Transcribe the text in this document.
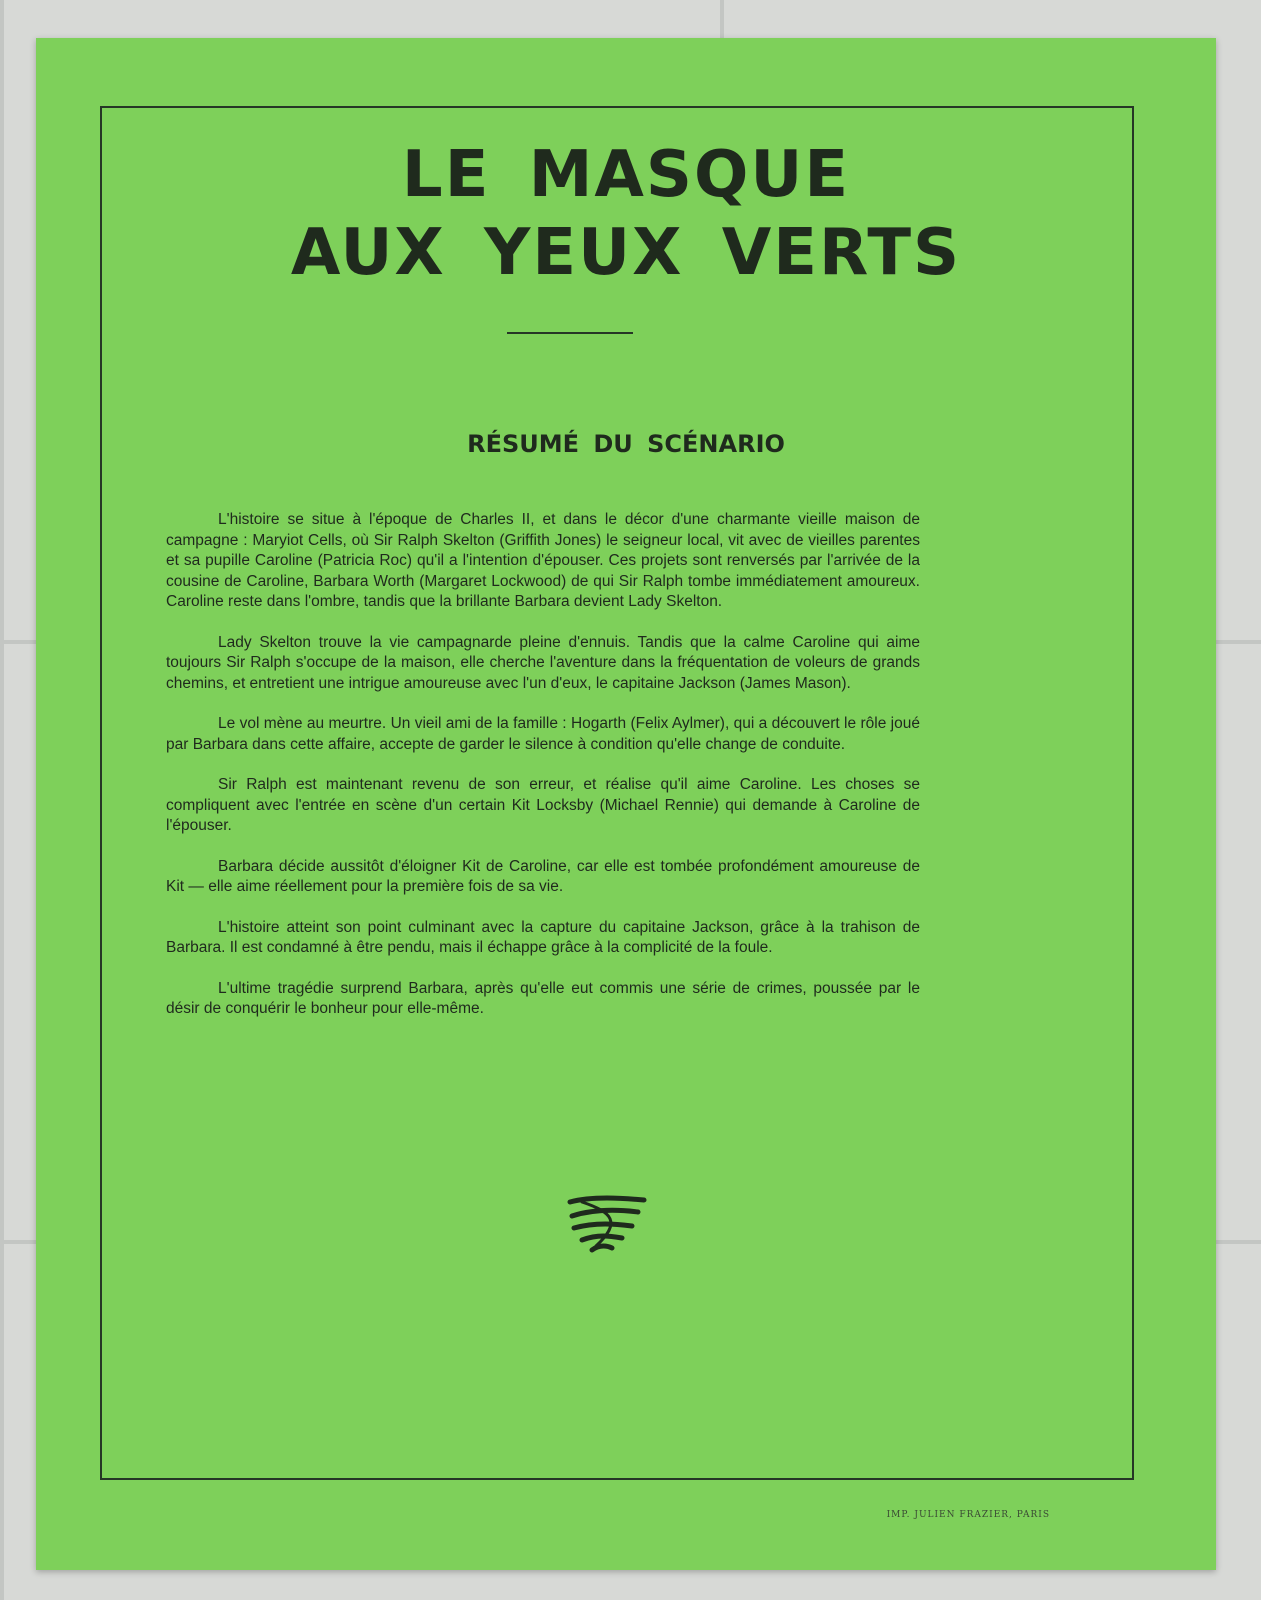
LE MASQUE
AUX YEUX VERTS
RÉSUMÉ DU SCÉNARIO

L'histoire se situe à l'époque de Charles II, et dans le décor d'une charmante vieille maison de campagne : Maryiot Cells, où Sir Ralph Skelton (Griffith Jones) le seigneur local, vit avec de vieilles parentes et sa pupille Caroline (Patricia Roc) qu'il a l'intention d'épouser. Ces projets sont renversés par l'arrivée de la cousine de Caroline, Barbara Worth (Margaret Lockwood) de qui Sir Ralph tombe immédiatement amoureux. Caroline reste dans l'ombre, tandis que la brillante Barbara devient Lady Skelton.

Lady Skelton trouve la vie campagnarde pleine d'ennuis. Tandis que la calme Caroline qui aime toujours Sir Ralph s'occupe de la maison, elle cherche l'aventure dans la fréquentation de voleurs de grands chemins, et entretient une intrigue amoureuse avec l'un d'eux, le capitaine Jackson (James Mason).

Le vol mène au meurtre. Un vieil ami de la famille : Hogarth (Felix Aylmer), qui a découvert le rôle joué par Barbara dans cette affaire, accepte de garder le silence à condition qu'elle change de conduite.

Sir Ralph est maintenant revenu de son erreur, et réalise qu'il aime Caroline. Les choses se compliquent avec l'entrée en scène d'un certain Kit Locksby (Michael Rennie) qui demande à Caroline de l'épouser.

Barbara décide aussitôt d'éloigner Kit de Caroline, car elle est tombée profondément amoureuse de Kit — elle aime réellement pour la première fois de sa vie.

L'histoire atteint son point culminant avec la capture du capitaine Jackson, grâce à la trahison de Barbara. Il est condamné à être pendu, mais il échappe grâce à la complicité de la foule.

L'ultime tragédie surprend Barbara, après qu'elle eut commis une série de crimes, poussée par le désir de conquérir le bonheur pour elle-même.

IMP. JULIEN FRAZIER, PARIS
